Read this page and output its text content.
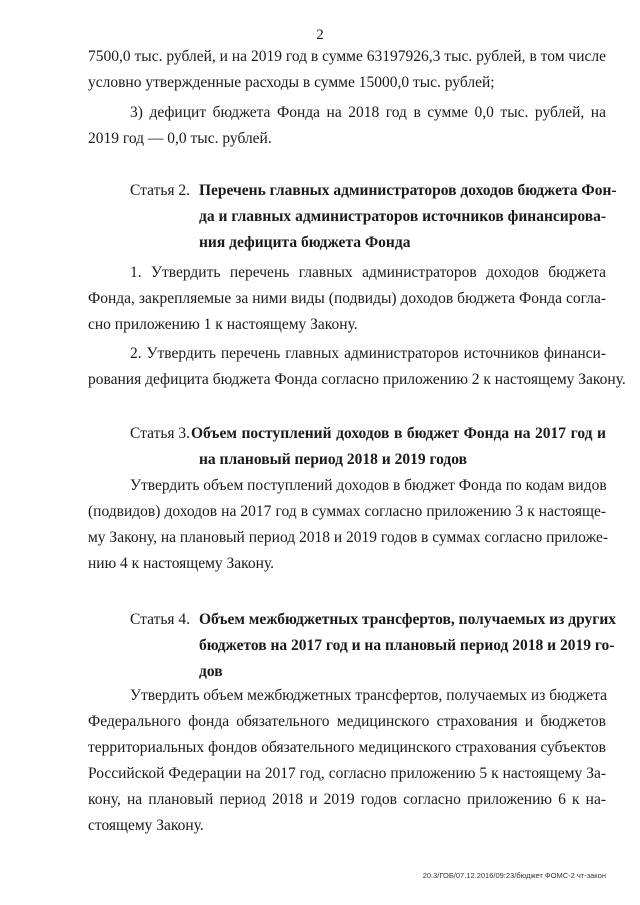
2
7500,0 тыс. рублей, и на 2019 год в сумме 63197926,3 тыс. рублей, в том числе
условно утвержденные расходы в сумме 15000,0 тыс. рублей;
3) дефицит бюджета Фонда на 2018 год в сумме 0,0 тыс. рублей, на
2019 год — 0,0 тыс. рублей.
Статья 2. Перечень главных администраторов доходов бюджета Фон-
да и главных администраторов источников финансирова-
ния дефицита бюджета Фонда
1. Утвердить перечень главных администраторов доходов бюджета
Фонда, закрепляемые за ними виды (подвиды) доходов бюджета Фонда согла-
сно приложению 1 к настоящему Закону.
2. Утвердить перечень главных администраторов источников финанси-
рования дефицита бюджета Фонда согласно приложению 2 к настоящему Закону.
Статья 3. Объем поступлений доходов в бюджет Фонда на 2017 год и
на плановый период 2018 и 2019 годов
Утвердить объем поступлений доходов в бюджет Фонда по кодам видов
(подвидов) доходов на 2017 год в суммах согласно приложению 3 к настояще-
му Закону, на плановый период 2018 и 2019 годов в суммах согласно приложе-
нию 4 к настоящему Закону.
Статья 4. Объем межбюджетных трансфертов, получаемых из других
бюджетов на 2017 год и на плановый период 2018 и 2019 го-
дов
Утвердить объем межбюджетных трансфертов, получаемых из бюджета
Федерального фонда обязательного медицинского страхования и бюджетов
территориальных фондов обязательного медицинского страхования субъектов
Российской Федерации на 2017 год, согласно приложению 5 к настоящему За-
кону, на плановый период 2018 и 2019 годов согласно приложению 6 к на-
стоящему Закону.
20.3/ГОБ/07.12.2016/09:23/бюджет ФОМС-2 чт-закон
